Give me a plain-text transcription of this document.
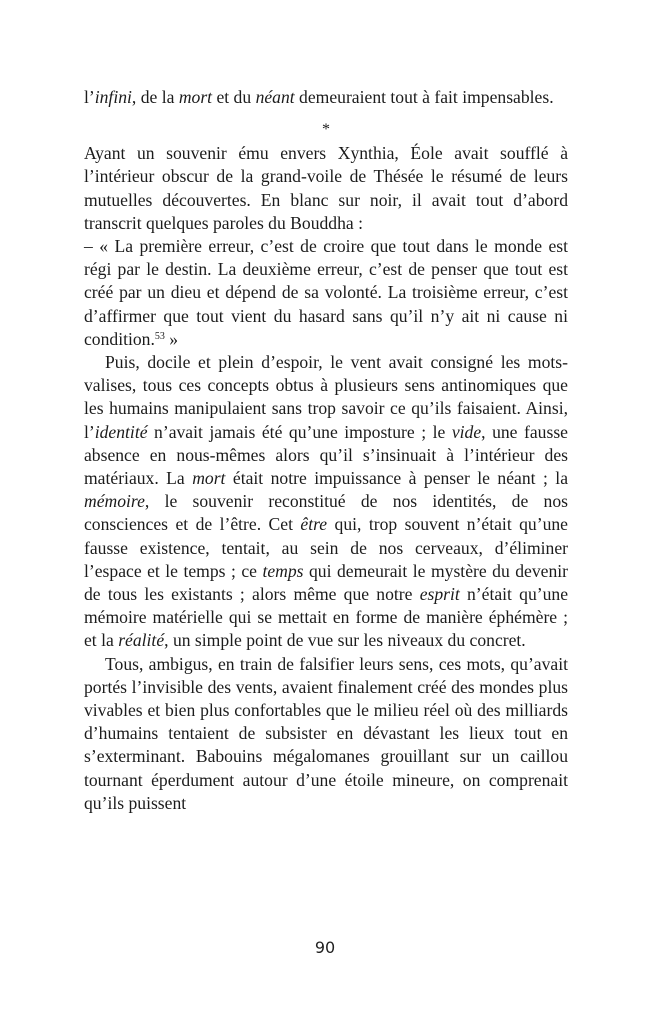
l’infini, de la mort et du néant demeuraient tout à fait impensables.

*

Ayant un souvenir ému envers Xynthia, Éole avait soufflé à l’intérieur obscur de la grand-voile de Thésée le résumé de leurs mutuelles découvertes. En blanc sur noir, il avait tout d’abord transcrit quelques paroles du Bouddha :

– « La première erreur, c’est de croire que tout dans le monde est régi par le destin. La deuxième erreur, c’est de penser que tout est créé par un dieu et dépend de sa volonté. La troisième erreur, c’est d’affirmer que tout vient du hasard sans qu’il n’y ait ni cause ni condition.$^{53}$ »

Puis, docile et plein d’espoir, le vent avait consigné les mots-valises, tous ces concepts obtus à plusieurs sens antinomiques que les humains manipulaient sans trop savoir ce qu’ils faisaient. Ainsi, l’identité n’avait jamais été qu’une imposture ; le vide, une fausse absence en nous-mêmes alors qu’il s’insinuait à l’intérieur des matériaux. La mort était notre impuissance à penser le néant ; la mémoire, le souvenir reconstitué de nos identités, de nos consciences et de l’être. Cet être qui, trop souvent n’était qu’une fausse existence, tentait, au sein de nos cerveaux, d’éliminer l’espace et le temps ; ce temps qui demeurait le mystère du devenir de tous les existants ; alors même que notre esprit n’était qu’une mémoire matérielle qui se mettait en forme de manière éphémère ; et la réalité, un simple point de vue sur les niveaux du concret.

Tous, ambigus, en train de falsifier leurs sens, ces mots, qu’avait portés l’invisible des vents, avaient finalement créé des mondes plus vivables et bien plus confortables que le milieu réel où des milliards d’humains tentaient de subsister en dévastant les lieux tout en s’exterminant. Babouins mégalomanes grouillant sur un caillou tournant éperdument autour d’une étoile mineure, on comprenait qu’ils puissent

90
